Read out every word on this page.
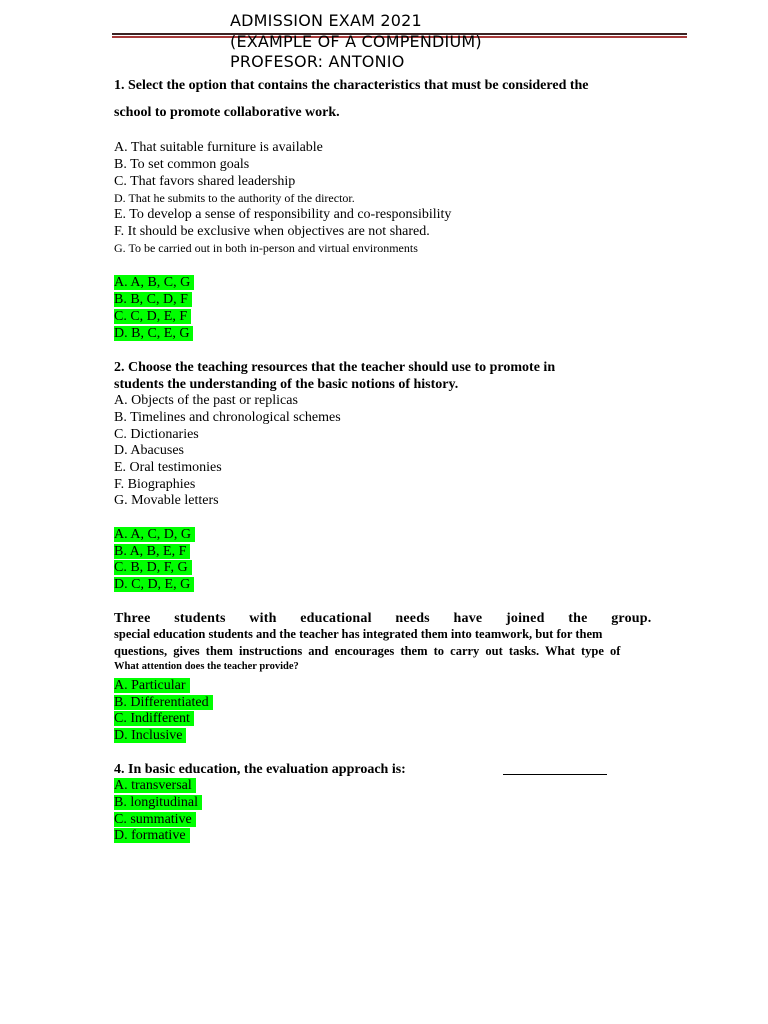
ADMISSION EXAM 2021
(EXAMPLE OF A COMPENDIUM)
PROFESOR: ANTONIO
1. Select the option that contains the characteristics that must be considered the
school to promote collaborative work.
A. That suitable furniture is available
B. To set common goals
C. That favors shared leadership
D. That he submits to the authority of the director.
E. To develop a sense of responsibility and co-responsibility
F. It should be exclusive when objectives are not shared.
G. To be carried out in both in-person and virtual environments
A. A, B, C, G
B. B, C, D, F
C. C, D, E, F
D. B, C, E, G
2. Choose the teaching resources that the teacher should use to promote in
students the understanding of the basic notions of history.
A. Objects of the past or replicas
B. Timelines and chronological schemes
C. Dictionaries
D. Abacuses
E. Oral testimonies
F. Biographies
G. Movable letters
A. A, C, D, G
B. A, B, E, F
C. B, D, F, G
D. C, D, E, G
Three students with educational needs have joined the group.
special education students and the teacher has integrated them into teamwork, but for them
questions, gives them instructions and encourages them to carry out tasks. What type of
What attention does the teacher provide?
A. Particular
B. Differentiated
C. Indifferent
D. Inclusive
4. In basic education, the evaluation approach is:
A. transversal
B. longitudinal
C. summative
D. formative
